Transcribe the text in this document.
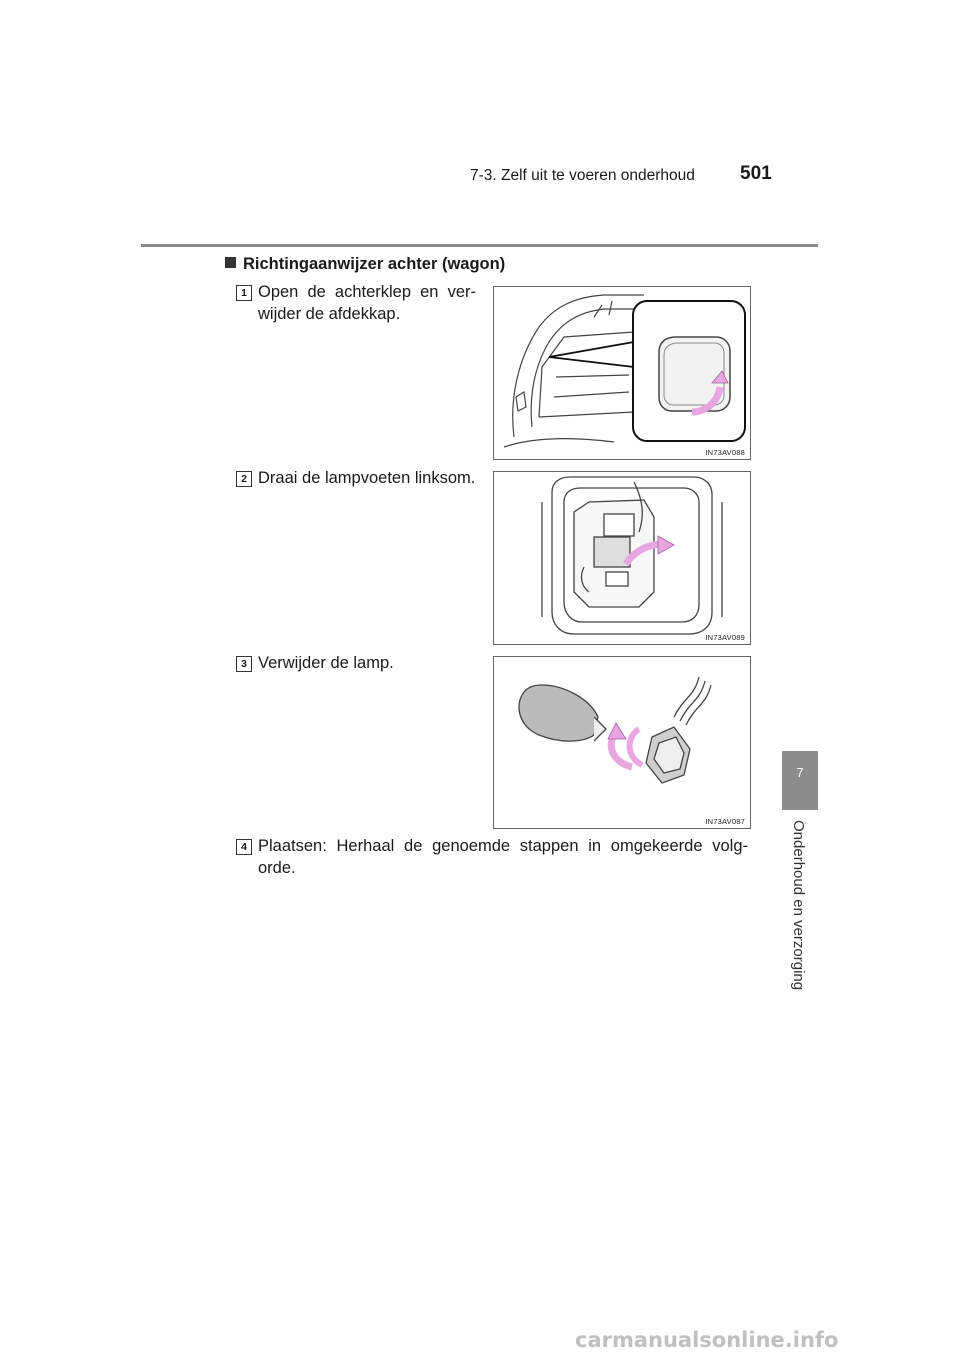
7-3. Zelf uit te voeren onderhoud 501
7
Onderhoud en verzorging
Richtingaanwijzer achter (wagon)
1 Open de achterklep en ver-wijder de afdekkap.
IN73AV088
2 Draai de lampvoeten linksom.
IN73AV089
3 Verwijder de lamp.
IN73AV087
4 Plaatsen: Herhaal de genoemde stappen in omgekeerde volg-orde.
carmanualsonline.info
